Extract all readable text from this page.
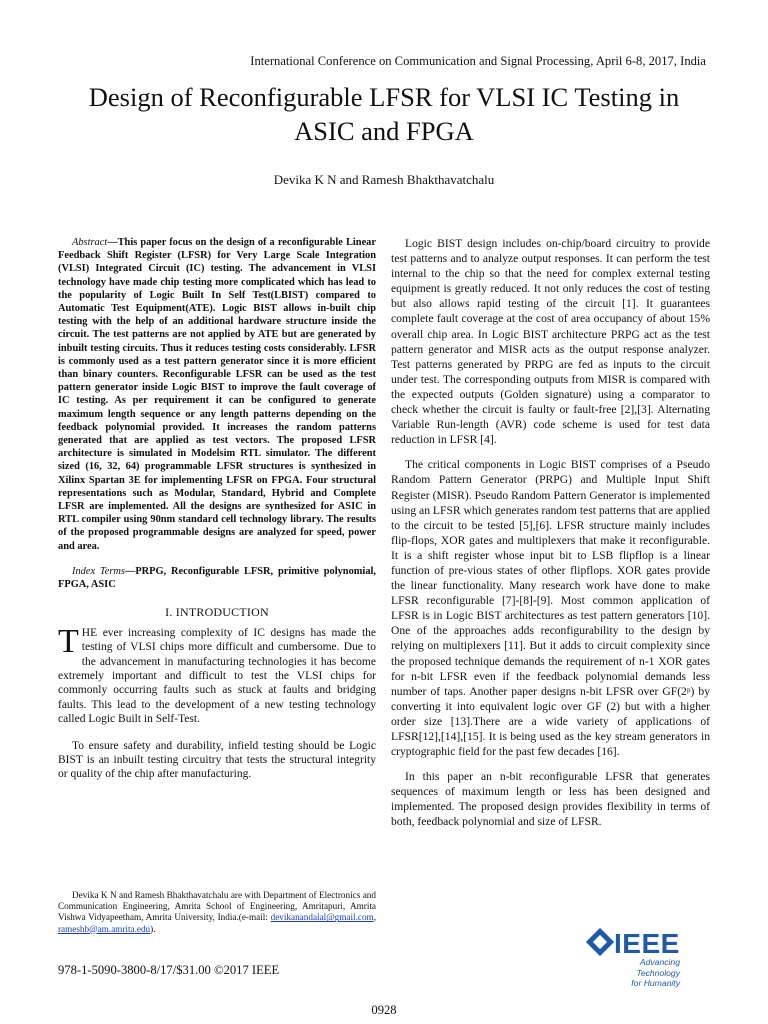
International Conference on Communication and Signal Processing, April 6-8, 2017, India
Design of Reconfigurable LFSR for VLSI IC Testing in ASIC and FPGA
Devika K N and Ramesh Bhakthavatchalu

Abstract—This paper focus on the design of a reconfigurable Linear Feedback Shift Register (LFSR) for Very Large Scale Integration (VLSI) Integrated Circuit (IC) testing. The advancement in VLSI technology have made chip testing more complicated which has lead to the popularity of Logic Built In Self Test(LBIST) compared to Automatic Test Equipment(ATE). Logic BIST allows in-built chip testing with the help of an additional hardware structure inside the circuit. The test patterns are not applied by ATE but are generated by inbuilt testing circuits. Thus it reduces testing costs considerably. LFSR is commonly used as a test pattern generator since it is more efficient than binary counters. Reconfigurable LFSR can be used as the test pattern generator inside Logic BIST to improve the fault coverage of IC testing. As per requirement it can be configured to generate maximum length sequence or any length patterns depending on the feedback polynomial provided. It increases the random patterns generated that are applied as test vectors. The proposed LFSR architecture is simulated in Modelsim RTL simulator. The different sized (16, 32, 64) programmable LFSR structures is synthesized in Xilinx Spartan 3E for implementing LFSR on FPGA. Four structural representations such as Modular, Standard, Hybrid and Complete LFSR are implemented. All the designs are synthesized for ASIC in RTL compiler using 90nm standard cell technology library. The results of the proposed programmable designs are analyzed for speed, power and area.

Index Terms—PRPG, Reconfigurable LFSR, primitive polynomial, FPGA, ASIC

I. INTRODUCTION

THE ever increasing complexity of IC designs has made the testing of VLSI chips more difficult and cumbersome. Due to the advancement in manufacturing technologies it has become extremely important and difficult to test the VLSI chips for commonly occurring faults such as stuck at faults and bridging faults. This lead to the development of a new testing technology called Logic Built in Self-Test.

To ensure safety and durability, infield testing should be Logic BIST is an inbuilt testing circuitry that tests the structural integrity or quality of the chip after manufacturing.

Devika K N and Ramesh Bhakthavatchalu are with Department of Electronics and Communication Engineering, Amrita School of Engineering, Amritapuri, Amrita Vishwa Vidyapeetham, Amrita University, India.(e-mail: devikanandalal@gmail.com, rameshb@am.amrita.edu).

Logic BIST design includes on-chip/board circuitry to provide test patterns and to analyze output responses. It can perform the test internal to the chip so that the need for complex external testing equipment is greatly reduced. It not only reduces the cost of testing but also allows rapid testing of the circuit [1]. It guarantees complete fault coverage at the cost of area occupancy of about 15% overall chip area. In Logic BIST architecture PRPG act as the test pattern generator and MISR acts as the output response analyzer. Test patterns generated by PRPG are fed as inputs to the circuit under test. The corresponding outputs from MISR is compared with the expected outputs (Golden signature) using a comparator to check whether the circuit is faulty or fault-free [2],[3]. Alternating Variable Run-length (AVR) code scheme is used for test data reduction in LFSR [4].

The critical components in Logic BIST comprises of a Pseudo Random Pattern Generator (PRPG) and Multiple Input Shift Register (MISR). Pseudo Random Pattern Generator is implemented using an LFSR which generates random test patterns that are applied to the circuit to be tested [5],[6]. LFSR structure mainly includes flip-flops, XOR gates and multiplexers that make it reconfigurable. It is a shift register whose input bit to LSB flipflop is a linear function of pre-vious states of other flipflops. XOR gates provide the linear functionality. Many research work have done to make LFSR reconfigurable [7]-[8]-[9]. Most common application of LFSR is in Logic BIST architectures as test pattern generators [10]. One of the approaches adds reconfigurability to the design by relying on multiplexers [11]. But it adds to circuit complexity since the proposed technique demands the requirement of n-1 XOR gates for n-bit LFSR even if the feedback polynomial demands less number of taps. Another paper designs n-bit LFSR over GF(2ᵖ) by converting it into equivalent logic over GF (2) but with a higher order size [13].There are a wide variety of applications of LFSR[12],[14],[15]. It is being used as the key stream generators in cryptographic field for the past few decades [16].

In this paper an n-bit reconfigurable LFSR that generates sequences of maximum length or less has been designed and implemented. The proposed design provides flexibility in terms of both, feedback polynomial and size of LFSR.

978-1-5090-3800-8/17/$31.00 ©2017 IEEE
IEEE
Advancing Technology
for Humanity
0928
